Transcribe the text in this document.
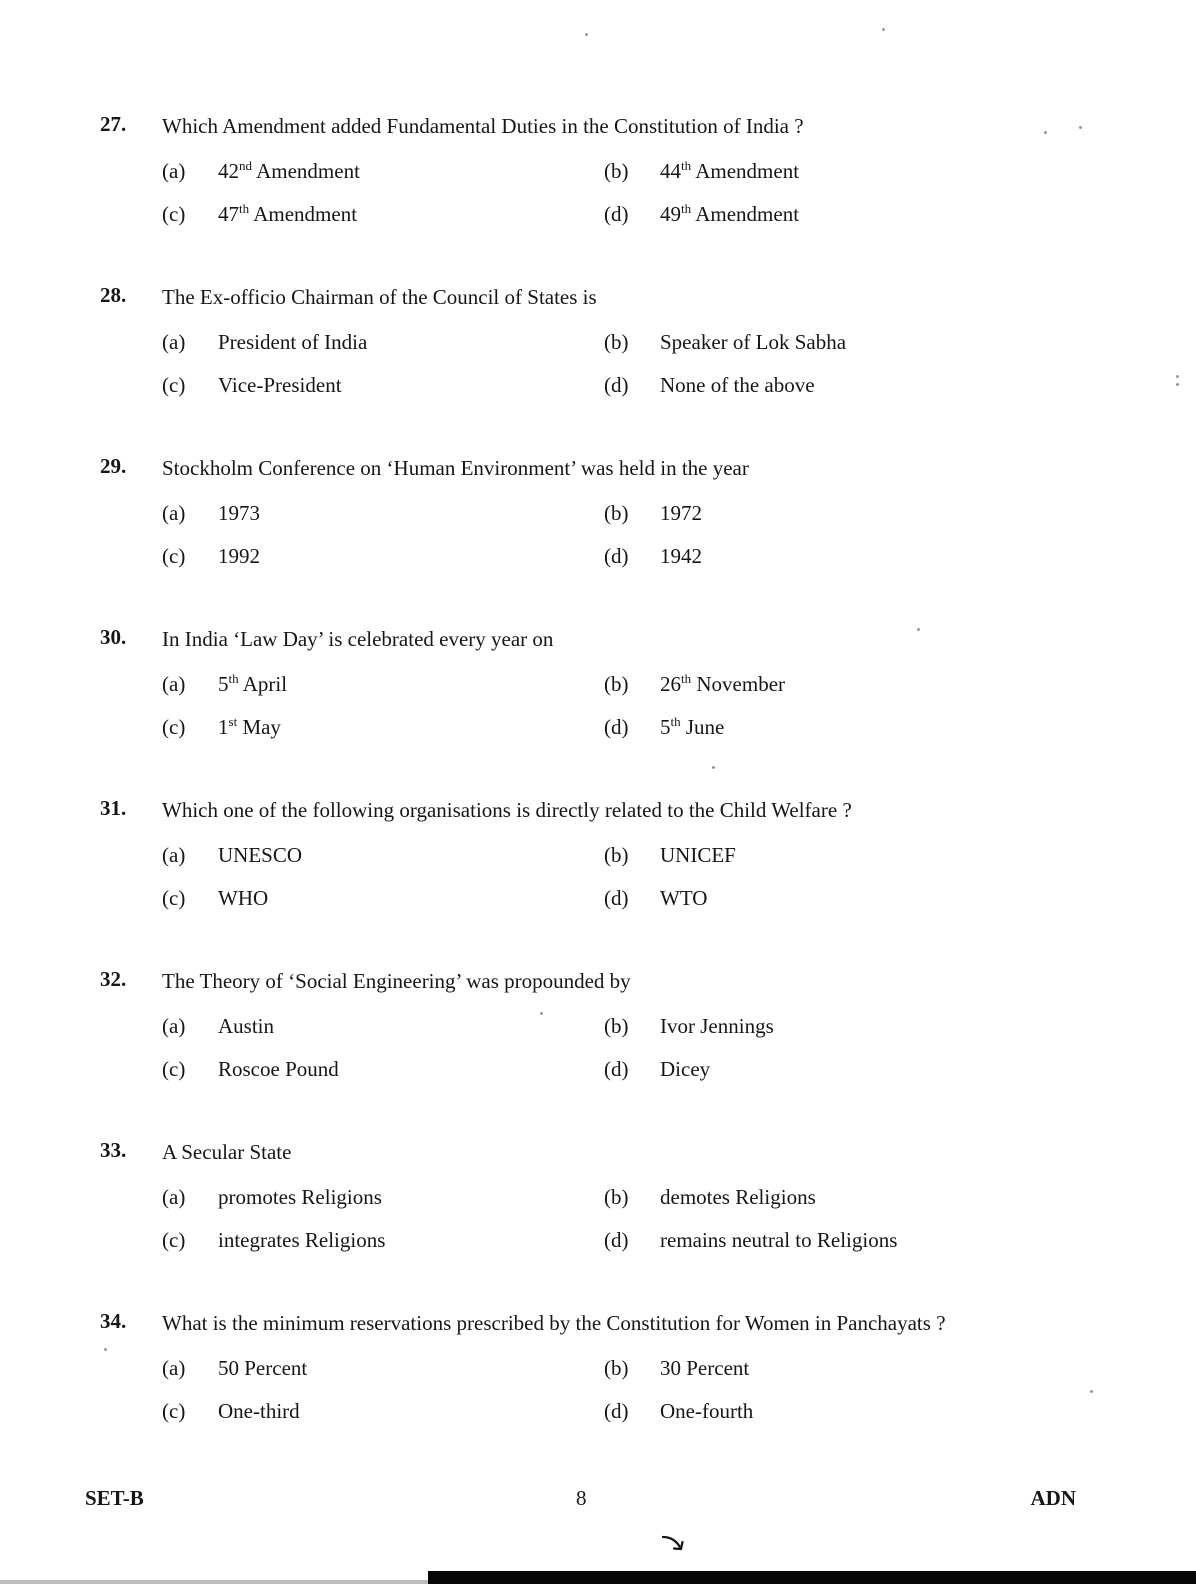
27.	Which Amendment added Fundamental Duties in the Constitution of India ?

(a)	42nd Amendment	(b)	44th Amendment
(c)	47th Amendment	(d)	49th Amendment
28.	The Ex-officio Chairman of the Council of States is

(a)	President of India	(b)	Speaker of Lok Sabha
(c)	Vice-President	(d)	None of the above
29.	Stockholm Conference on ‘Human Environment’ was held in the year

(a)	1973	(b)	1972
(c)	1992	(d)	1942
30.	In India ‘Law Day’ is celebrated every year on

(a)	5th April	(b)	26th November
(c)	1st May	(d)	5th June
31.	Which one of the following organisations is directly related to the Child Welfare ?

(a)	UNESCO	(b)	UNICEF
(c)	WHO	(d)	WTO
32.	The Theory of ‘Social Engineering’ was propounded by

(a)	Austin	(b)	Ivor Jennings
(c)	Roscoe Pound	(d)	Dicey
33.	A Secular State

(a)	promotes Religions	(b)	demotes Religions
(c)	integrates Religions	(d)	remains neutral to Religions
34.	What is the minimum reservations prescribed by the Constitution for Women in Panchayats ?

(a)	50 Percent	(b)	30 Percent
(c)	One-third	(d)	One-fourth
SET-B	8	ADN
